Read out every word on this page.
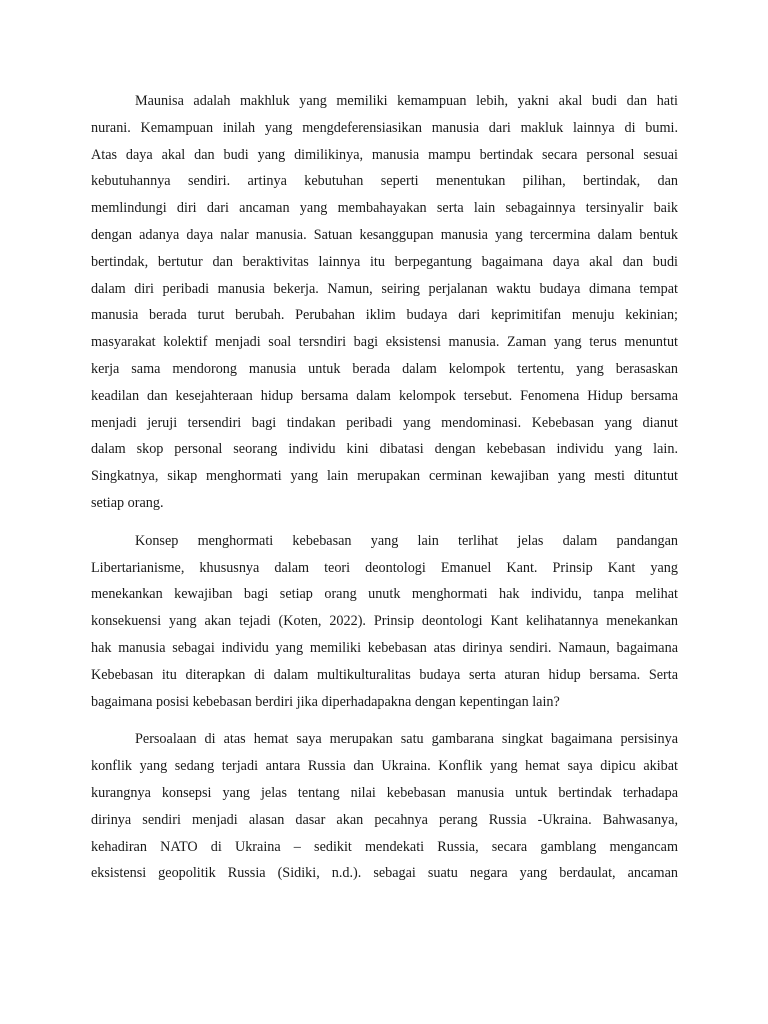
Maunisa adalah makhluk yang memiliki kemampuan lebih, yakni akal budi dan hati
nurani. Kemampuan inilah yang mengdeferensiasikan manusia dari makluk lainnya di bumi.
Atas daya akal dan budi yang dimilikinya, manusia mampu bertindak secara personal sesuai
kebutuhannya sendiri. artinya kebutuhan seperti menentukan pilihan, bertindak, dan
memlindungi diri dari ancaman yang membahayakan serta lain sebagainnya tersinyalir baik
dengan adanya daya nalar manusia. Satuan kesanggupan manusia yang tercermina dalam bentuk
bertindak, bertutur dan beraktivitas lainnya itu berpegantung bagaimana daya akal dan budi
dalam diri peribadi manusia bekerja. Namun, seiring perjalanan waktu budaya dimana tempat
manusia berada turut berubah. Perubahan iklim budaya dari keprimitifan menuju kekinian;
masyarakat kolektif menjadi soal tersndiri bagi eksistensi manusia. Zaman yang terus menuntut
kerja sama mendorong manusia untuk berada dalam kelompok tertentu, yang berasaskan
keadilan dan kesejahteraan hidup bersama dalam kelompok tersebut. Fenomena Hidup bersama
menjadi jeruji tersendiri bagi tindakan peribadi yang mendominasi. Kebebasan yang dianut
dalam skop personal seorang individu kini dibatasi dengan kebebasan individu yang lain.
Singkatnya, sikap menghormati yang lain merupakan cerminan kewajiban yang mesti dituntut
setiap orang.
Konsep menghormati kebebasan yang lain terlihat jelas dalam pandangan
Libertarianisme, khususnya dalam teori deontologi Emanuel Kant. Prinsip Kant yang
menekankan kewajiban bagi setiap orang unutk menghormati hak individu, tanpa melihat
konsekuensi yang akan tejadi (Koten, 2022). Prinsip deontologi Kant kelihatannya menekankan
hak manusia sebagai individu yang memiliki kebebasan atas dirinya sendiri. Namaun, bagaimana
Kebebasan itu diterapkan di dalam multikulturalitas budaya serta aturan hidup bersama. Serta
bagaimana posisi kebebasan berdiri jika diperhadapakna dengan kepentingan lain?
Persoalaan di atas hemat saya merupakan satu gambarana singkat bagaimana persisinya
konflik yang sedang terjadi antara Russia dan Ukraina. Konflik yang hemat saya dipicu akibat
kurangnya konsepsi yang jelas tentang nilai kebebasan manusia untuk bertindak terhadapa
dirinya sendiri menjadi alasan dasar akan pecahnya perang Russia -Ukraina. Bahwasanya,
kehadiran NATO di Ukraina – sedikit mendekati Russia, secara gamblang mengancam
eksistensi geopolitik Russia (Sidiki, n.d.). sebagai suatu negara yang berdaulat, ancaman
